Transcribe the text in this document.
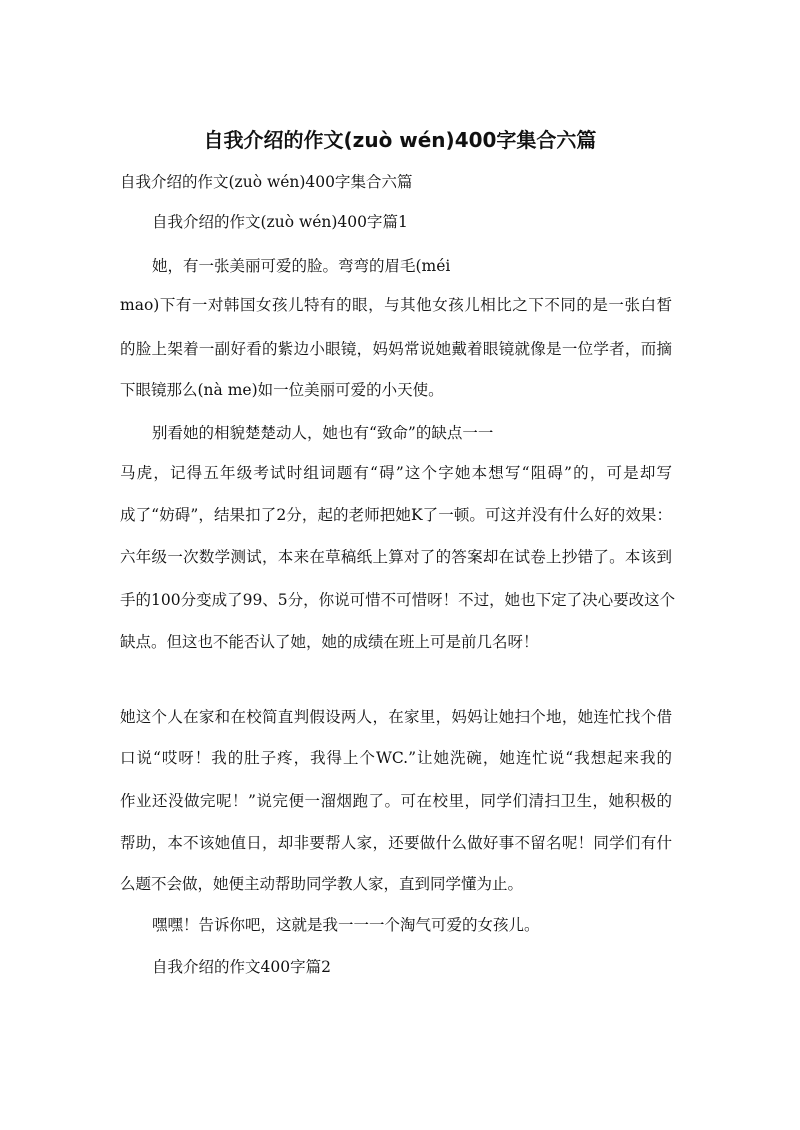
自我介绍的作文(zuò wén)400字集合六篇
自我介绍的作文(zuò wén)400字集合六篇
自我介绍的作文(zuò wén)400字篇1
她，有一张美丽可爱的脸。弯弯的眉毛(méi
mao)下有一对韩国女孩儿特有的眼，与其他女孩儿相比之下不同的是一张白皙
的脸上架着一副好看的紫边小眼镜，妈妈常说她戴着眼镜就像是一位学者，而摘
下眼镜那么(nà me)如一位美丽可爱的小天使。
别看她的相貌楚楚动人，她也有“致命”的缺点一一
马虎，记得五年级考试时组词题有“碍”这个字她本想写“阻碍”的，可是却写
成了“妨碍”，结果扣了2分，起的老师把她K了一顿。可这并没有什么好的效果：
六年级一次数学测试，本来在草稿纸上算对了的答案却在试卷上抄错了。本该到
手的100分变成了99、5分，你说可惜不可惜呀！不过，她也下定了决心要改这个
缺点。但这也不能否认了她，她的成绩在班上可是前几名呀！
她这个人在家和在校简直判假设两人，在家里，妈妈让她扫个地，她连忙找个借
口说“哎呀！我的肚子疼，我得上个WC.”让她洗碗，她连忙说“我想起来我的
作业还没做完呢！”说完便一溜烟跑了。可在校里，同学们清扫卫生，她积极的
帮助，本不该她值日，却非要帮人家，还要做什么做好事不留名呢！同学们有什
么题不会做，她便主动帮助同学教人家，直到同学懂为止。
嘿嘿！告诉你吧，这就是我一一一个淘气可爱的女孩儿。
自我介绍的作文400字篇2
